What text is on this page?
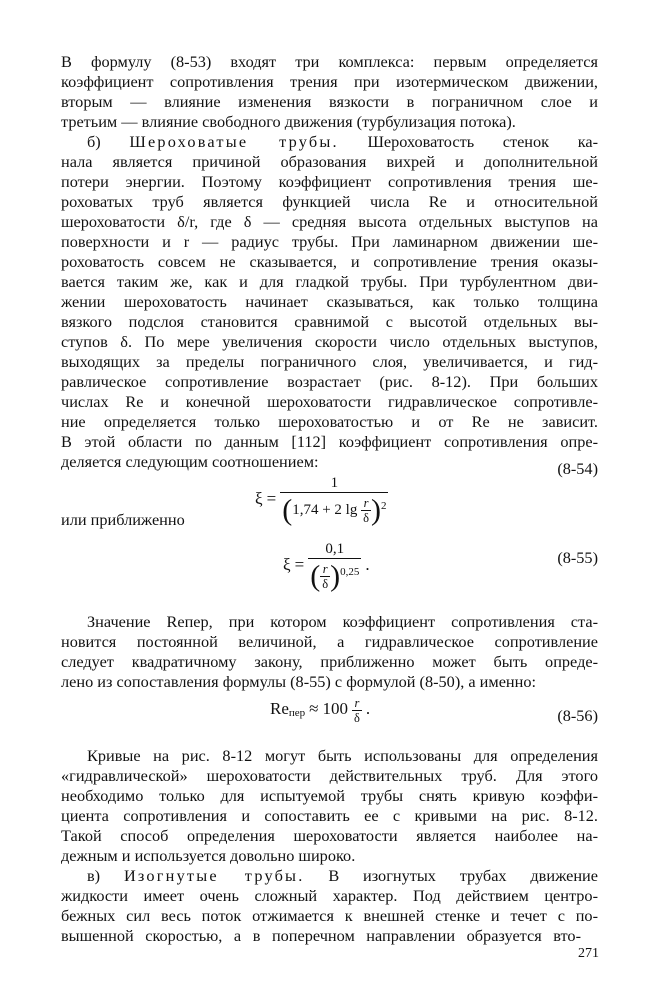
В формулу (8-53) входят три комплекса: первым определяется
коэффициент сопротивления трения при изотермическом движении,
вторым — влияние изменения вязкости в пограничном слое и
третьим — влияние свободного движения (турбулизация потока).
б) Шероховатые трубы. Шероховатость стенок ка-
нала является причиной образования вихрей и дополнительной
потери энергии. Поэтому коэффициент сопротивления трения ше-
роховатых труб является функцией числа Re и относительной
шероховатости δ/r, где δ — средняя высота отдельных выступов на
поверхности и r — радиус трубы. При ламинарном движении ше-
роховатость совсем не сказывается, и сопротивление трения оказы-
вается таким же, как и для гладкой трубы. При турбулентном дви-
жении шероховатость начинает сказываться, как только толщина
вязкого подслоя становится сравнимой с высотой отдельных вы-
ступов δ. По мере увеличения скорости число отдельных выступов,
выходящих за пределы пограничного слоя, увеличивается, и гид-
равлическое сопротивление возрастает (рис. 8-12). При больших
числах Re и конечной шероховатости гидравлическое сопротивле-
ние определяется только шероховатостью и от Re не зависит.
В этой области по данным [112] коэффициент сопротивления опре-
деляется следующим соотношением:
ξ =
1
(1,74 + 2 $\lg \frac{r}{\delta} )^2$
(8-54)
или приближенно
$\xi = \frac{0,1}{( \frac{r}{\delta} )^{0,25}}$ .	(8-55)
Значение Reпер, при котором коэффициент сопротивления ста-
новится постоянной величиной, а гидравлическое сопротивление
следует квадратичному закону, приближенно может быть опреде-
лено из сопоставления формулы (8-55) с формулой (8-50), а именно:
Reпер ≈ $100 \frac{r}{\delta}$ .	(8-56)
Кривые на рис. 8-12 могут быть использованы для определения
«гидравлической» шероховатости действительных труб. Для этого
необходимо только для испытуемой трубы снять кривую коэффи-
циента сопротивления и сопоставить ее с кривыми на рис. 8-12.
Такой способ определения шероховатости является наиболее на-
дежным и используется довольно широко.
в) Изогнутые трубы. В изогнутых трубах движение
жидкости имеет очень сложный характер. Под действием центро-
бежных сил весь поток отжимается к внешней стенке и течет с по-
вышенной скоростью, а в поперечном направлении образуется вто-
271
